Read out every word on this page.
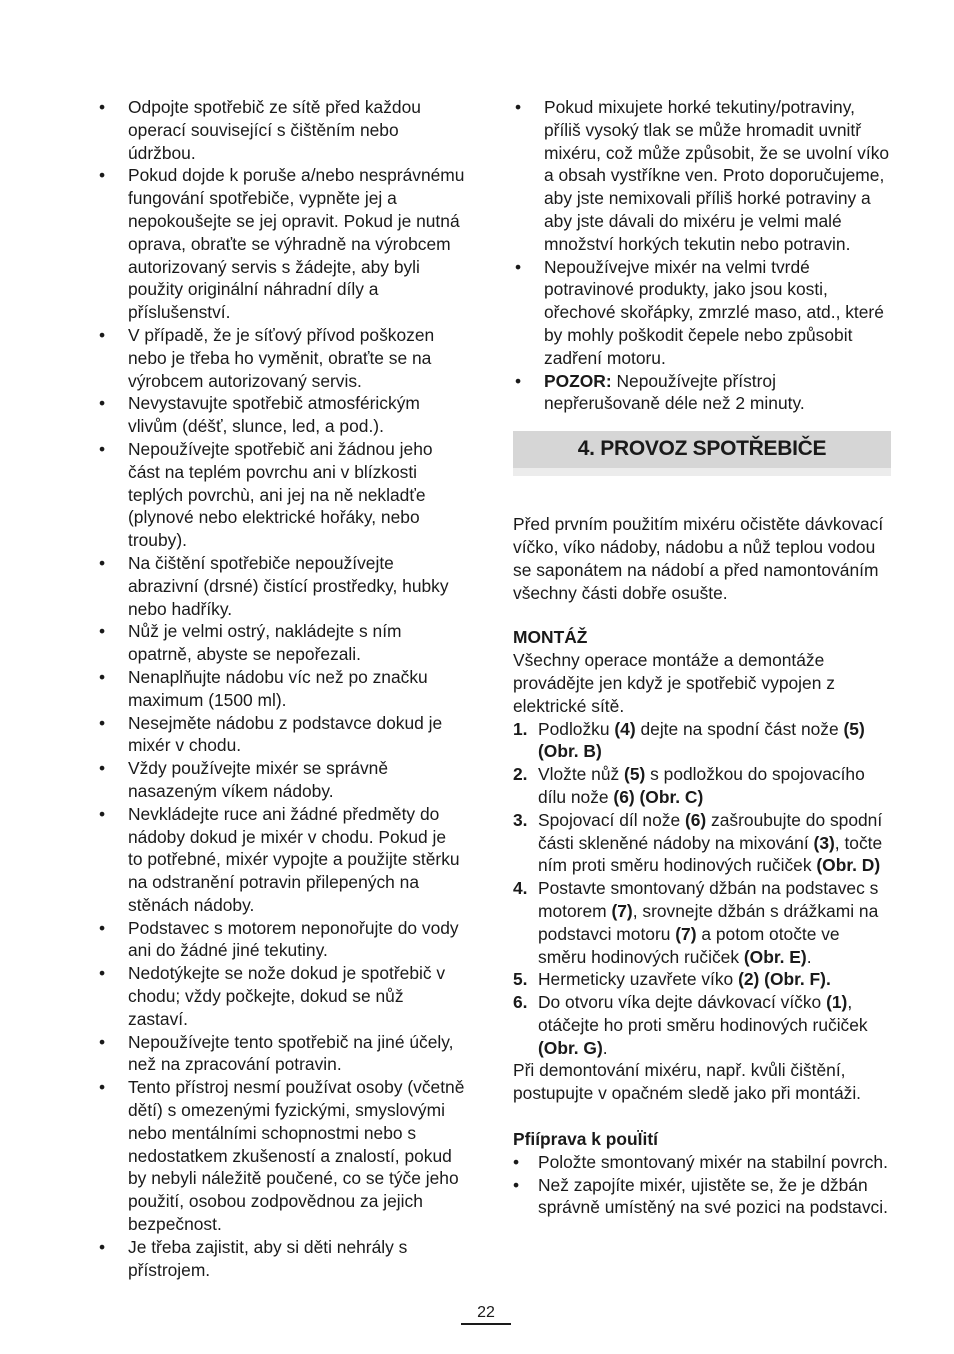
• Odpojte spotřebič ze sítě před každou operací související s čištěním nebo údržbou.
• Pokud dojde k poruše a/nebo nesprávnému fungování spotřebiče, vypněte jej a nepokoušejte se jej opravit. Pokud je nutná oprava, obraťte se výhradně na výrobcem autorizovaný servis s žádejte, aby byli použity originální náhradní díly a příslušenství.
• V případě, že je síťový přívod poškozen nebo je třeba ho vyměnit, obraťte se na výrobcem autorizovaný servis.
• Nevystavujte spotřebič atmosférickým vlivům (déšť, slunce, led, a pod.).
• Nepoužívejte spotřebič ani žádnou jeho část na teplém povrchu ani v blízkosti teplých povrchù, ani jej na ně nekladťe (plynové nebo elektrické hořáky, nebo trouby).
• Na čištění spotřebiče nepoužívejte abrazivní (drsné) čistící prostředky, hubky nebo hadříky.
• Nůž je velmi ostrý, nakládejte s ním opatrně, abyste se nepořezali.
• Nenaplňujte nádobu víc než po značku maximum (1500 ml).
• Nesejměte nádobu z podstavce dokud je mixér v chodu.
• Vždy používejte mixér se správně nasazeným víkem nádoby.
• Nevkládejte ruce ani žádné předměty do nádoby dokud je mixér v chodu. Pokud je to potřebné, mixér vypojte a použijte stěrku na odstranění potravin přilepených na stěnách nádoby.
• Podstavec s motorem neponořujte do vody ani do žádné jiné tekutiny.
• Nedotýkejte se nože dokud je spotřebič v chodu; vždy počkejte, dokud se nůž zastaví.
• Nepoužívejte tento spotřebič na jiné účely, než na zpracování potravin.
• Tento přístroj nesmí používat osoby (včetně dětí) s omezenými fyzickými, smyslovými nebo mentálními schopnostmi nebo s nedostatkem zkušeností a znalostí, pokud by nebyli náležitě poučené, co se týče jeho použití, osobou zodpovědnou za jejich bezpečnost.
• Je třeba zajistit, aby si děti nehrály s přístrojem.
• Pokud mixujete horké tekutiny/potraviny, příliš vysoký tlak se může hromadit uvnitř mixéru, což může způsobit, že se uvolní víko a obsah vystříkne ven. Proto doporučujeme, aby jste nemixovali příliš horké potraviny a aby jste dávali do mixéru je velmi malé množství horkých tekutin nebo potravin.
• Nepoužívejve mixér na velmi tvrdé potravinové produkty, jako jsou kosti, ořechové skořápky, zmrzlé maso, atd., které by mohly poškodit čepele nebo způsobit zadření motoru.
• POZOR: Nepoužívejte přístroj nepřerušovaně déle než 2 minuty.
4. PROVOZ SPOTŘEBIČE

Před prvním použitím mixéru očistěte dávkovací víčko, víko nádoby, nádobu a nůž teplou vodou se saponátem na nádobí a před namontováním všechny části dobře osušte.

MONTÁŽ

Všechny operace montáže a demontáže provádějte jen když je spotřebič vypojen z elektrické sítě.

1. Podložku (4) dejte na spodní část nože (5) (Obr. B)
2. Vložte nůž (5) s podložkou do spojovacího dílu nože (6) (Obr. C)
3. Spojovací díl nože (6) zašroubujte do spodní části skleněné nádoby na mixování (3), točte ním proti směru hodinových ručiček (Obr. D)
4. Postavte smontovaný džbán na podstavec s motorem (7), srovnejte džbán s drážkami na podstavci motoru (7) a potom otočte ve směru hodinových ručiček (Obr. E).
5. Hermeticky uzavřete víko (2) (Obr. F).
6. Do otvoru víka dejte dávkovací víčko (1), otáčejte ho proti směru hodinových ručiček (Obr. G).

Při demontování mixéru, např. kvůli čištění, postupujte v opačném sledě jako při montáži.

Pfiíprava k pouÏití

• Položte smontovaný mixér na stabilní povrch.
• Než zapojíte mixér, ujistěte se, že je džbán správně umístěný na své pozici na podstavci.
22
